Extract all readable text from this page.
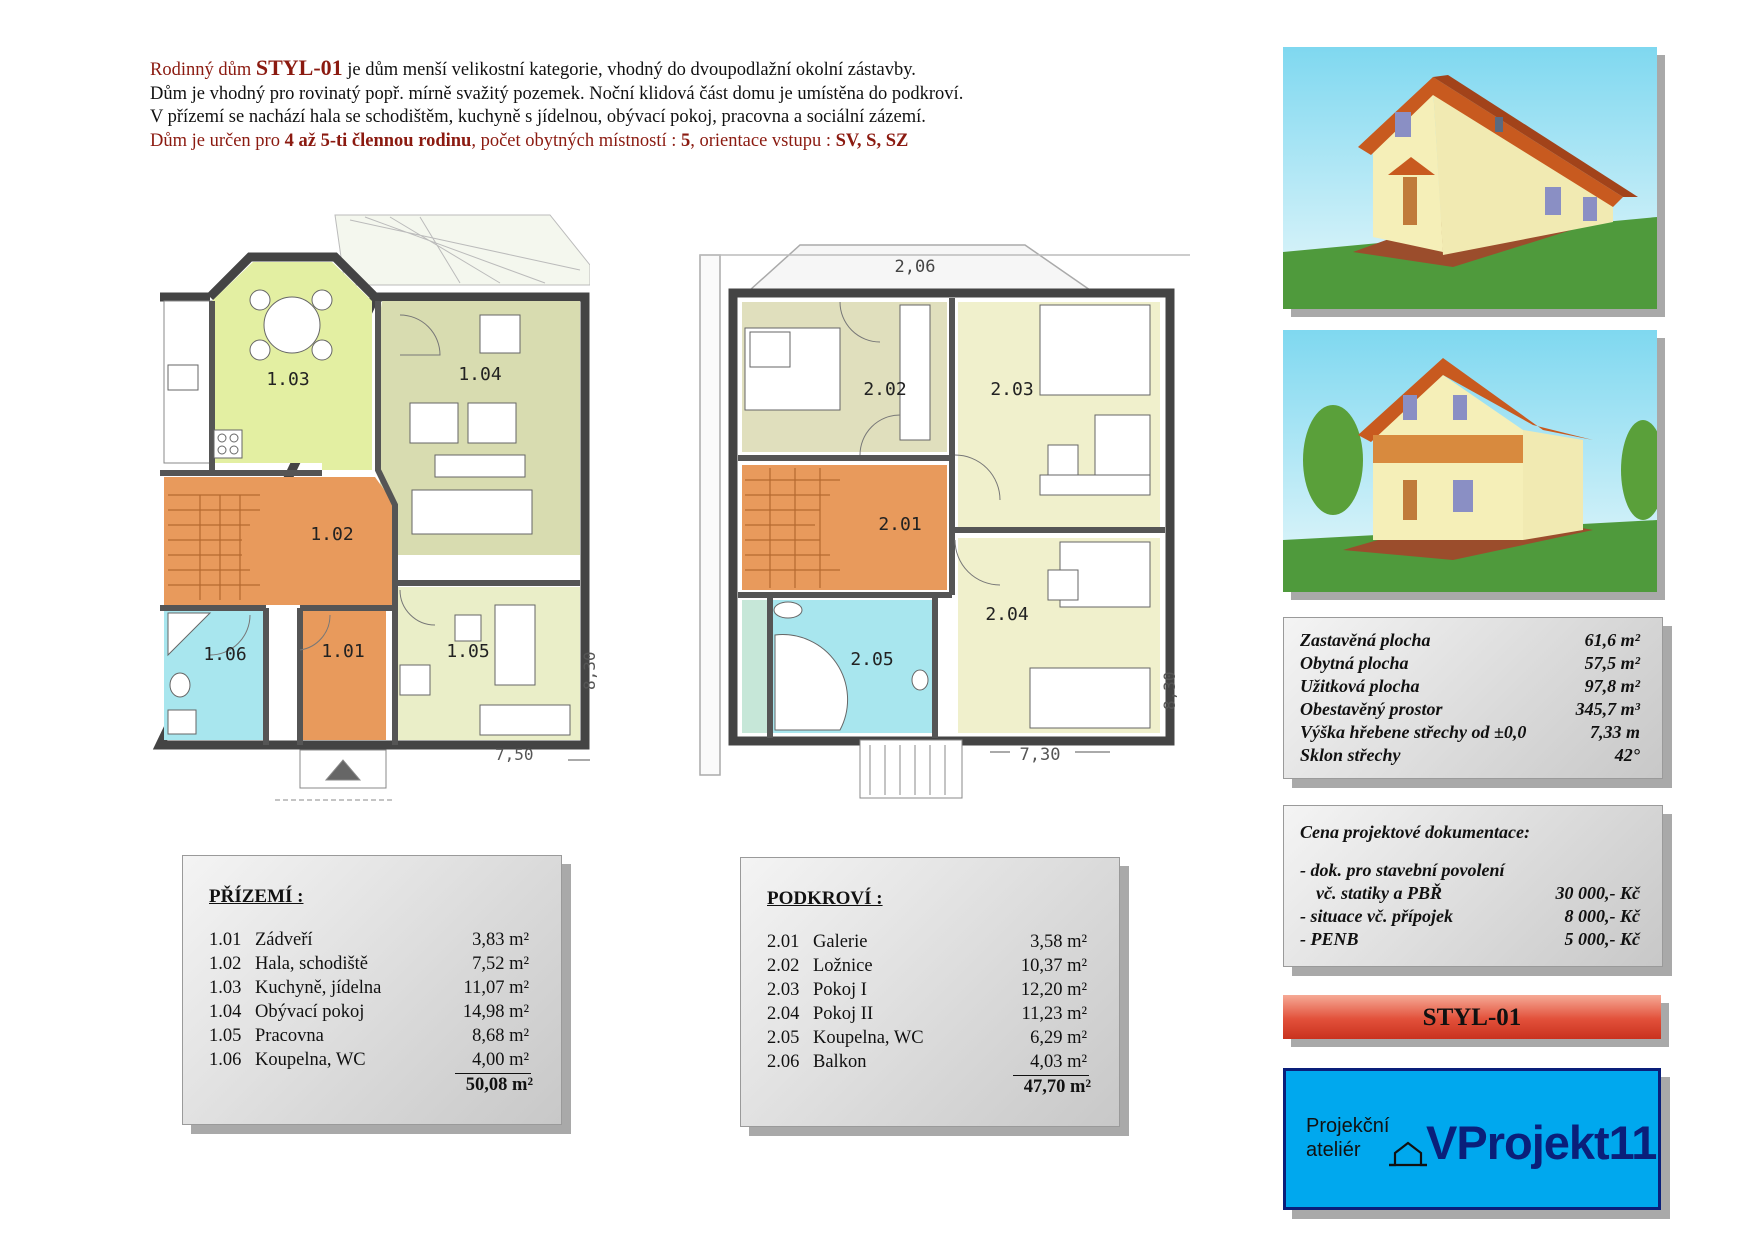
Rodinný dům STYL-01 je dům menší velikostní kategorie, vhodný do dvoupodlažní okolní zástavby.
Dům je vhodný pro rovinatý popř. mírně svažitý pozemek. Noční klidová část domu je umístěna do podkroví.
V přízemí se nachází hala se schodištěm, kuchyně s jídelnou, obývací pokoj, pracovna a sociální zázemí.
Dům je určen pro 4 až 5-ti člennou rodinu, počet obytných místností : 5, orientace vstupu : SV, S, SZ
1.03	1.04
1.02
1.06	1.01	1.05
7,50
8,30
2.02	2.03
2.01
2.04
2.05
2,06
7,30
8,30
PŘÍZEMÍ :
1.01 Zádveří	3,83 m²
1.02 Hala, schodiště	7,52 m²
1.03 Kuchyně, jídelna	11,07 m²
1.04 Obývací pokoj	14,98 m²
1.05 Pracovna	8,68 m²
1.06 Koupelna, WC	4,00 m²
50,08 m²
PODKROVÍ :
2.01 Galerie	3,58 m²
2.02 Ložnice	10,37 m²
2.03 Pokoj I	12,20 m²
2.04 Pokoj II	11,23 m²
2.05 Koupelna, WC	6,29 m²
2.06 Balkon	4,03 m²
47,70 m²
Zastavěná plocha	61,6 m²
Obytná plocha	57,5 m²
Užitková plocha	97,8 m²
Obestavěný prostor	345,7 m³
Výška hřebene střechy od ±0,0	7,33 m
Sklon střechy	42°
Cena projektové dokumentace:
- dok. pro stavební povolení
vč. statiky a PBŘ	30 000,- Kč
- situace vč. přípojek	8 000,- Kč
- PENB	5 000,- Kč
STYL-01
Projekční
ateliér VProjekt11
